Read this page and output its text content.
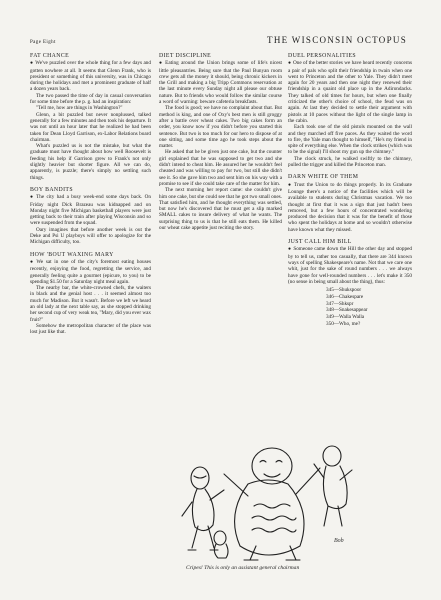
Page Eight	THE WISCONSIN OCTOPUS
FAT CHANCE

● We've puzzled over the whole thing for a few days and gotten nowhere at all. It seems that Glenn Frank, who is president or something of this university, was in Chicago during the holidays and met a prominent graduate of half a dozen years back.

The two passed the time of day in casual conversation for some time before the p. g. had an inspiration:

"Tell me, how are things in Washington?"

Glenn, a bit puzzled but never nonplussed, talked generally for a few minutes and then took his departure. It was not until an hour later that he realized he had been taken for Dean Lloyd Garrison, ex-Labor Relations board chairman.

What's puzzled us is not the mistake, but what the graduate must have thought about how well Roosevelt is feeding his help if Garrison grew to Frank's not only slightly heavier but shorter figure. All we can do, apparently, is puzzle; there's simply no settling such things.

BOY BANDITS

● The city had a busy week-end some days back. On Friday night Dick Brazeau was kidnapped and on Monday night five Michigan basketball players were just getting back to their train after playing Wisconsin and so were suspended from the squad.

Oary imagines that before another week is out the Deke and Psi U playboys will offer to apologize for the Michigan difficulty, too.

HOW 'BOUT WAXING MARY

● We sat in one of the city's foremost eating houses recently, enjoying the food, regretting the service, and generally feeling quite a gourmet (epicure, to you) to be spending $1.50 for a Saturday night meal again.

The nearby bar, the white-crowned chefs, the waiters in black and the genial host . . . it seemed almost too much for Madison. But it wasn't. Before we left we heard an old lady at the next table say, as she stopped drinking her second cup of very weak tea, "Mary, did you ever wax fruit?"

Somehow the metropolitan character of the place was lost just like that.

DIET DISCIPLINE

● Eating around the Union brings some of life's nicest little pleasantries. Being sure that the Paul Bunyan room crew gets all the money it should, being chronic kickers in the Grill and making a big Tripp Commons reservation at the last minute every Sunday night all please our obtuse nature. But to friends who would follow the similar course a word of warning: beware cafeteria breakfasts.

The food is good; we have no complaint about that. But method is king, and one of Oxy's best men is still groggy after a battle over wheat cakes. Two big cakes form an order, you know now if you didn't before you started this sentence. But two is too much for our hero to dispose of at one sitting, and some time ago he took steps about the matter.

He asked that he be given just one cake, but the counter girl explained that he was supposed to get two and she didn't intend to cheat him. He assured her he wouldn't feel cheated and was willing to pay for two, but still she didn't see it. So she gave him two and sent him on his way with a promise to see if she could take care of the matter for him.

The next morning her report came: she couldn't give him one cake, but she could see that he got two small ones. That satisfied him, and he thought everything was settled, but now he's discovered that he must get a slip marked SMALL cakes to insure delivery of what he wants. The surprising thing to us is that he still eats them. He killed our wheat cake appetite just reciting the story.

DUEL PERSONALITIES

● One of the better stories we have heard recently concerns a pair of pals who split their friendship in twain when one went to Princeton and the other to Yale. They didn't meet again for 20 years and then one night they renewed their friendship in a quaint old place up in the Adirondacks. They talked of old times for hours, but when one finally criticized the other's choice of school, the feud was on again. At last they decided to settle their argument with pistols at 10 paces without the light of the single lamp in the cabin.

Each took one of the old pistols mounted on the wall and they marched off five paces. As they waited the word to fire, the Yale man thought to himself, "He's my friend in spite of everything else. When the clock strikes (which was to be the signal) I'll shoot my gun up the chimney."

The clock struck, he walked swiftly to the chimney, pulled the trigger and killed the Princeton man.

DARN WHITE OF THEM

● Trust the Union to do things properly. In its Graduate Lounge there's a notice of the facilities which will be available to students during Christmas vacation. We too thought at first that it was a sign that just hadn't been removed, but a few hours of concentrated wondering produced the decision that it was for the benefit of those who spent the holidays at home and so wouldn't otherwise have known what they missed.

JUST CALL HIM BILL

● Someone came down the Hill the other day and stopped by to tell us, rather too casually, that there are 344 known ways of spelling Shakespeare's name. Not that we care one whit, just for the sake of round numbers . . . we always have gone for well-rounded numbers . . . let's make it 350 (no sense in being small about the thing), thus:

345—Shukspoor
346—Chakespare
347—Shkspr
348—Snakesappear
349—Walla Walla
350—Who, me?
Bob
Cripes! This is only an assistant general chairman
